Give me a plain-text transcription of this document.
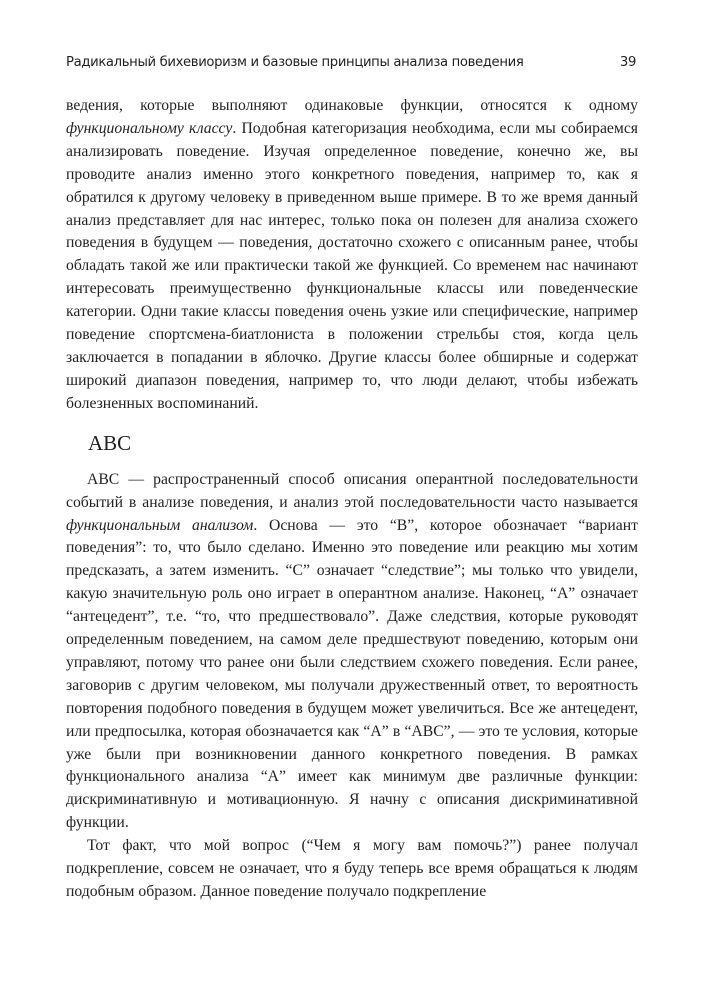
Радикальный бихевиоризм и базовые принципы анализа поведения	39

ведения, которые выполняют одинаковые функции, относятся к одному функциональному классу. Подобная категоризация необходима, если мы собираемся анализировать поведение. Изучая определенное поведение, конечно же, вы проводите анализ именно этого конкретного поведения, например то, как я обратился к другому человеку в приведенном выше примере. В то же время данный анализ представляет для нас интерес, только пока он полезен для анализа схожего поведения в будущем — поведения, достаточно схожего с описанным ранее, чтобы обладать такой же или практически такой же функцией. Со временем нас начинают интересовать преимущественно функциональные классы или поведенческие категории. Одни такие классы поведения очень узкие или специфические, например поведение спортсмена-биатлониста в положении стрельбы стоя, когда цель заключается в попадании в яблочко. Другие классы более обширные и содержат широкий диапазон поведения, например то, что люди делают, чтобы избежать болезненных воспоминаний.

ABC

ABC — распространенный способ описания оперантной последовательности событий в анализе поведения, и анализ этой последовательности часто называется функциональным анализом. Основа — это “B”, которое обозначает “вариант поведения”: то, что было сделано. Именно это поведение или реакцию мы хотим предсказать, а затем изменить. “C” означает “следствие”; мы только что увидели, какую значительную роль оно играет в оперантном анализе. Наконец, “A” означает “антецедент”, т.е. “то, что предшествовало”. Даже следствия, которые руководят определенным поведением, на самом деле предшествуют поведению, которым они управляют, потому что ранее они были следствием схожего поведения. Если ранее, заговорив с другим человеком, мы получали дружественный ответ, то вероятность повторения подобного поведения в будущем может увеличиться. Все же антецедент, или предпосылка, которая обозначается как “A” в “ABC”, — это те условия, которые уже были при возникновении данного конкретного поведения. В рамках функционального анализа “A” имеет как минимум две различные функции: дискриминативную и мотивационную. Я начну с описания дискриминативной функции.

Тот факт, что мой вопрос (“Чем я могу вам помочь?”) ранее получал подкрепление, совсем не означает, что я буду теперь все время обращаться к людям подобным образом. Данное поведение получало подкрепление
